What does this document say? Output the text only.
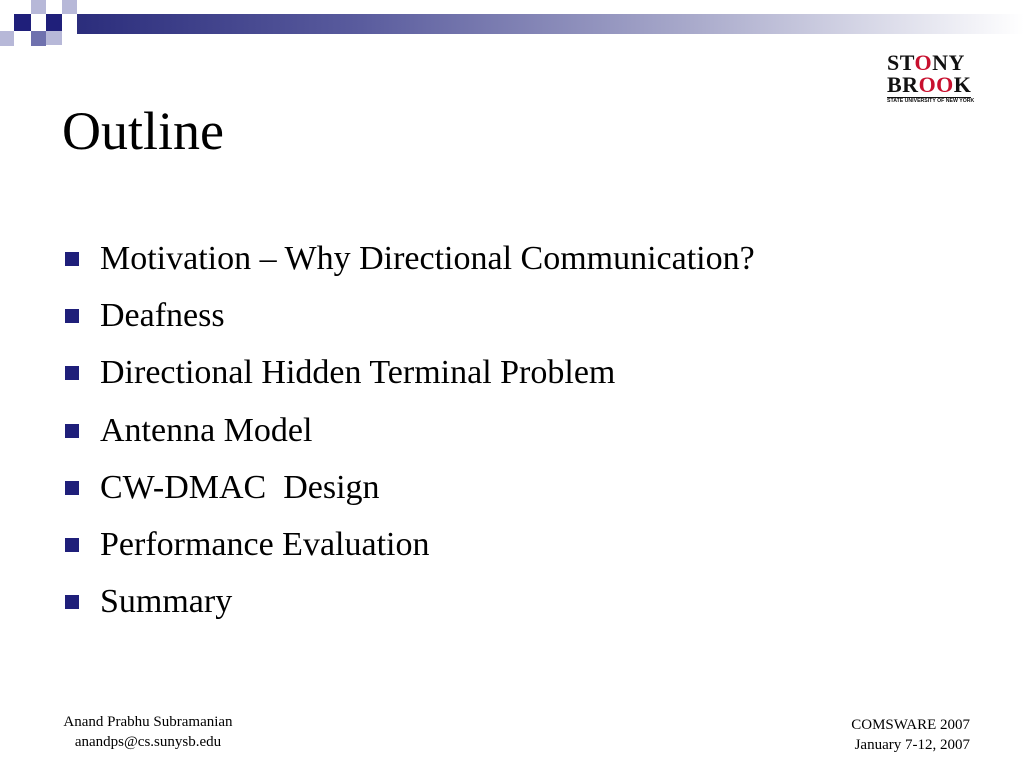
STONY
BROOK
STATE UNIVERSITY OF NEW YORK
Outline
Motivation – Why Directional Communication?
Deafness
Directional Hidden Terminal Problem
Antenna Model
CW-DMAC  Design
Performance Evaluation
Summary
Anand Prabhu Subramanian
anandps@cs.sunysb.edu
COMSWARE 2007
January 7-12, 2007
